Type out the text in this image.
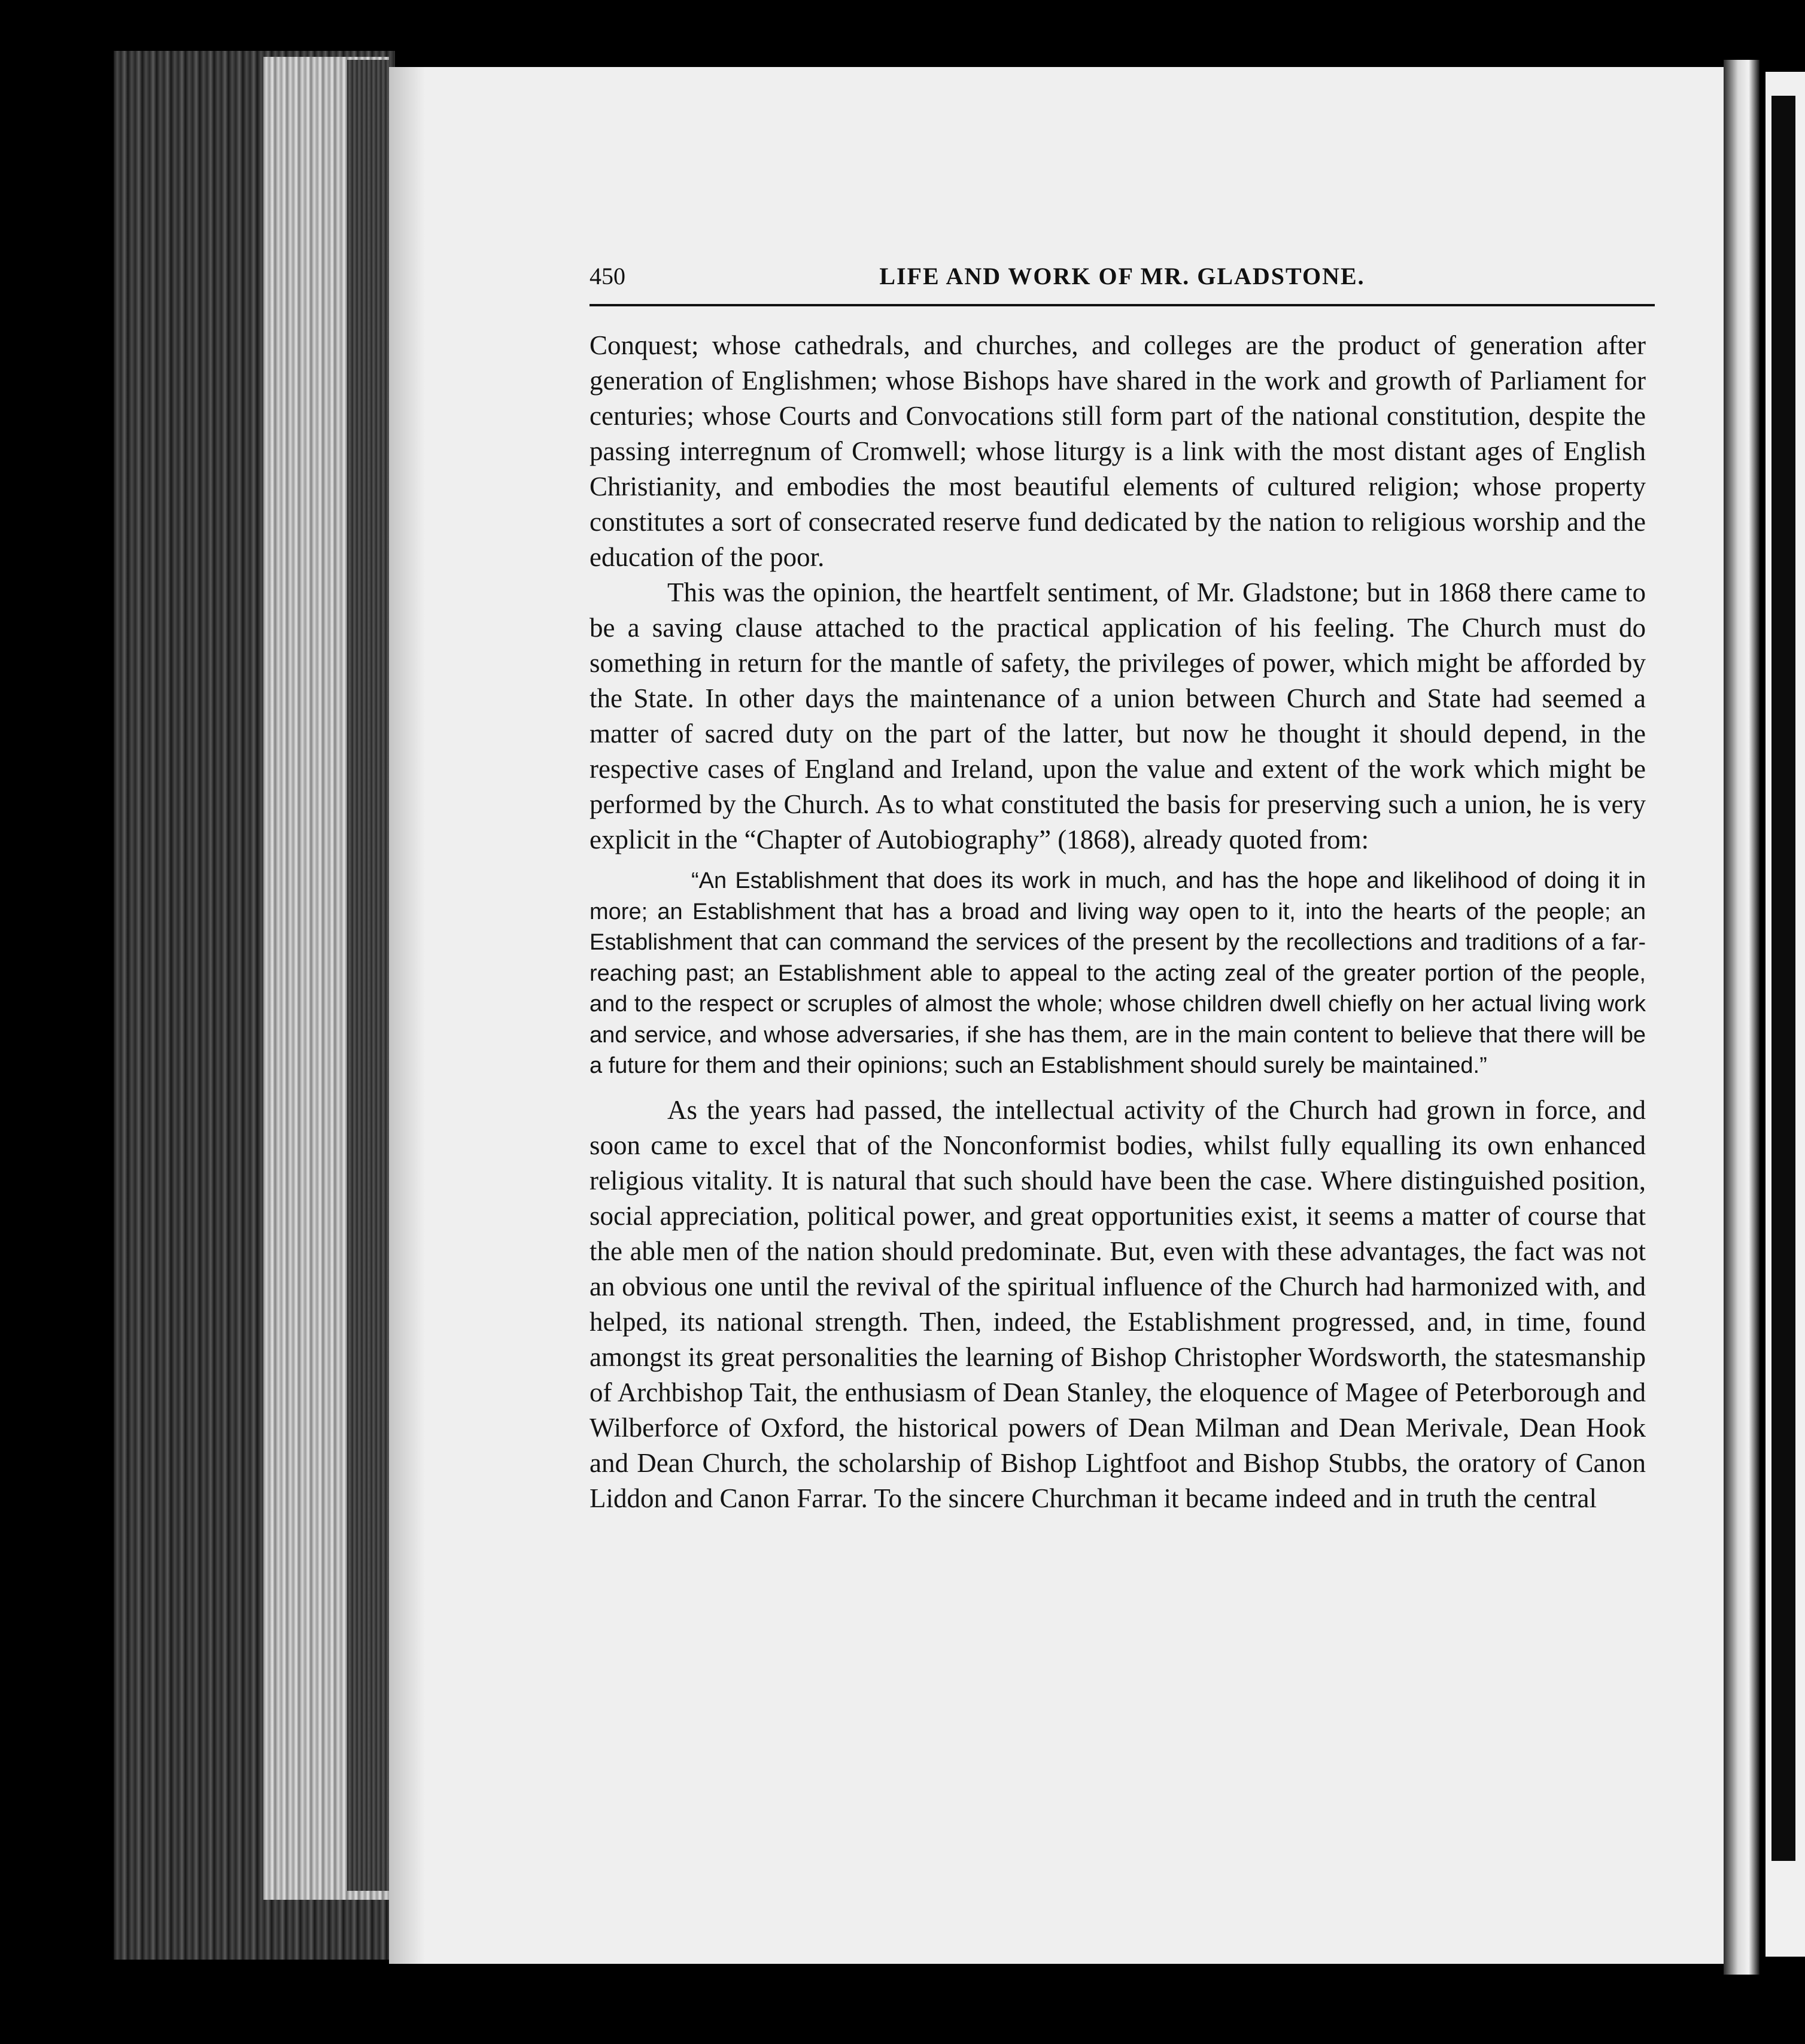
450	LIFE AND WORK OF MR. GLADSTONE.

Conquest; whose cathedrals, and churches, and colleges are the product of generation after generation of Englishmen; whose Bishops have shared in the work and growth of Parliament for centuries; whose Courts and Convocations still form part of the national constitution, despite the passing interregnum of Cromwell; whose liturgy is a link with the most distant ages of English Christianity, and embodies the most beautiful elements of cultured religion; whose property constitutes a sort of consecrated reserve fund dedicated by the nation to religious worship and the education of the poor.

This was the opinion, the heartfelt sentiment, of Mr. Gladstone; but in 1868 there came to be a saving clause attached to the practical application of his feeling. The Church must do something in return for the mantle of safety, the privileges of power, which might be afforded by the State. In other days the maintenance of a union between Church and State had seemed a matter of sacred duty on the part of the latter, but now he thought it should depend, in the respective cases of England and Ireland, upon the value and extent of the work which might be performed by the Church. As to what constituted the basis for preserving such a union, he is very explicit in the “Chapter of Autobiography” (1868), already quoted from:

“An Establishment that does its work in much, and has the hope and likelihood of doing it in more; an Establishment that has a broad and living way open to it, into the hearts of the people; an Establishment that can command the services of the present by the recollections and traditions of a far-reaching past; an Establishment able to appeal to the acting zeal of the greater portion of the people, and to the respect or scruples of almost the whole; whose children dwell chiefly on her actual living work and service, and whose adversaries, if she has them, are in the main content to believe that there will be a future for them and their opinions; such an Establishment should surely be maintained.”

As the years had passed, the intellectual activity of the Church had grown in force, and soon came to excel that of the Nonconformist bodies, whilst fully equalling its own enhanced religious vitality. It is natural that such should have been the case. Where distinguished position, social appreciation, political power, and great opportunities exist, it seems a matter of course that the able men of the nation should predominate. But, even with these advantages, the fact was not an obvious one until the revival of the spiritual influence of the Church had harmonized with, and helped, its national strength. Then, indeed, the Establishment progressed, and, in time, found amongst its great personalities the learning of Bishop Christopher Wordsworth, the statesmanship of Archbishop Tait, the enthusiasm of Dean Stanley, the eloquence of Magee of Peterborough and Wilberforce of Oxford, the historical powers of Dean Milman and Dean Merivale, Dean Hook and Dean Church, the scholarship of Bishop Lightfoot and Bishop Stubbs, the oratory of Canon Liddon and Canon Farrar. To the sincere Churchman it became indeed and in truth the central
